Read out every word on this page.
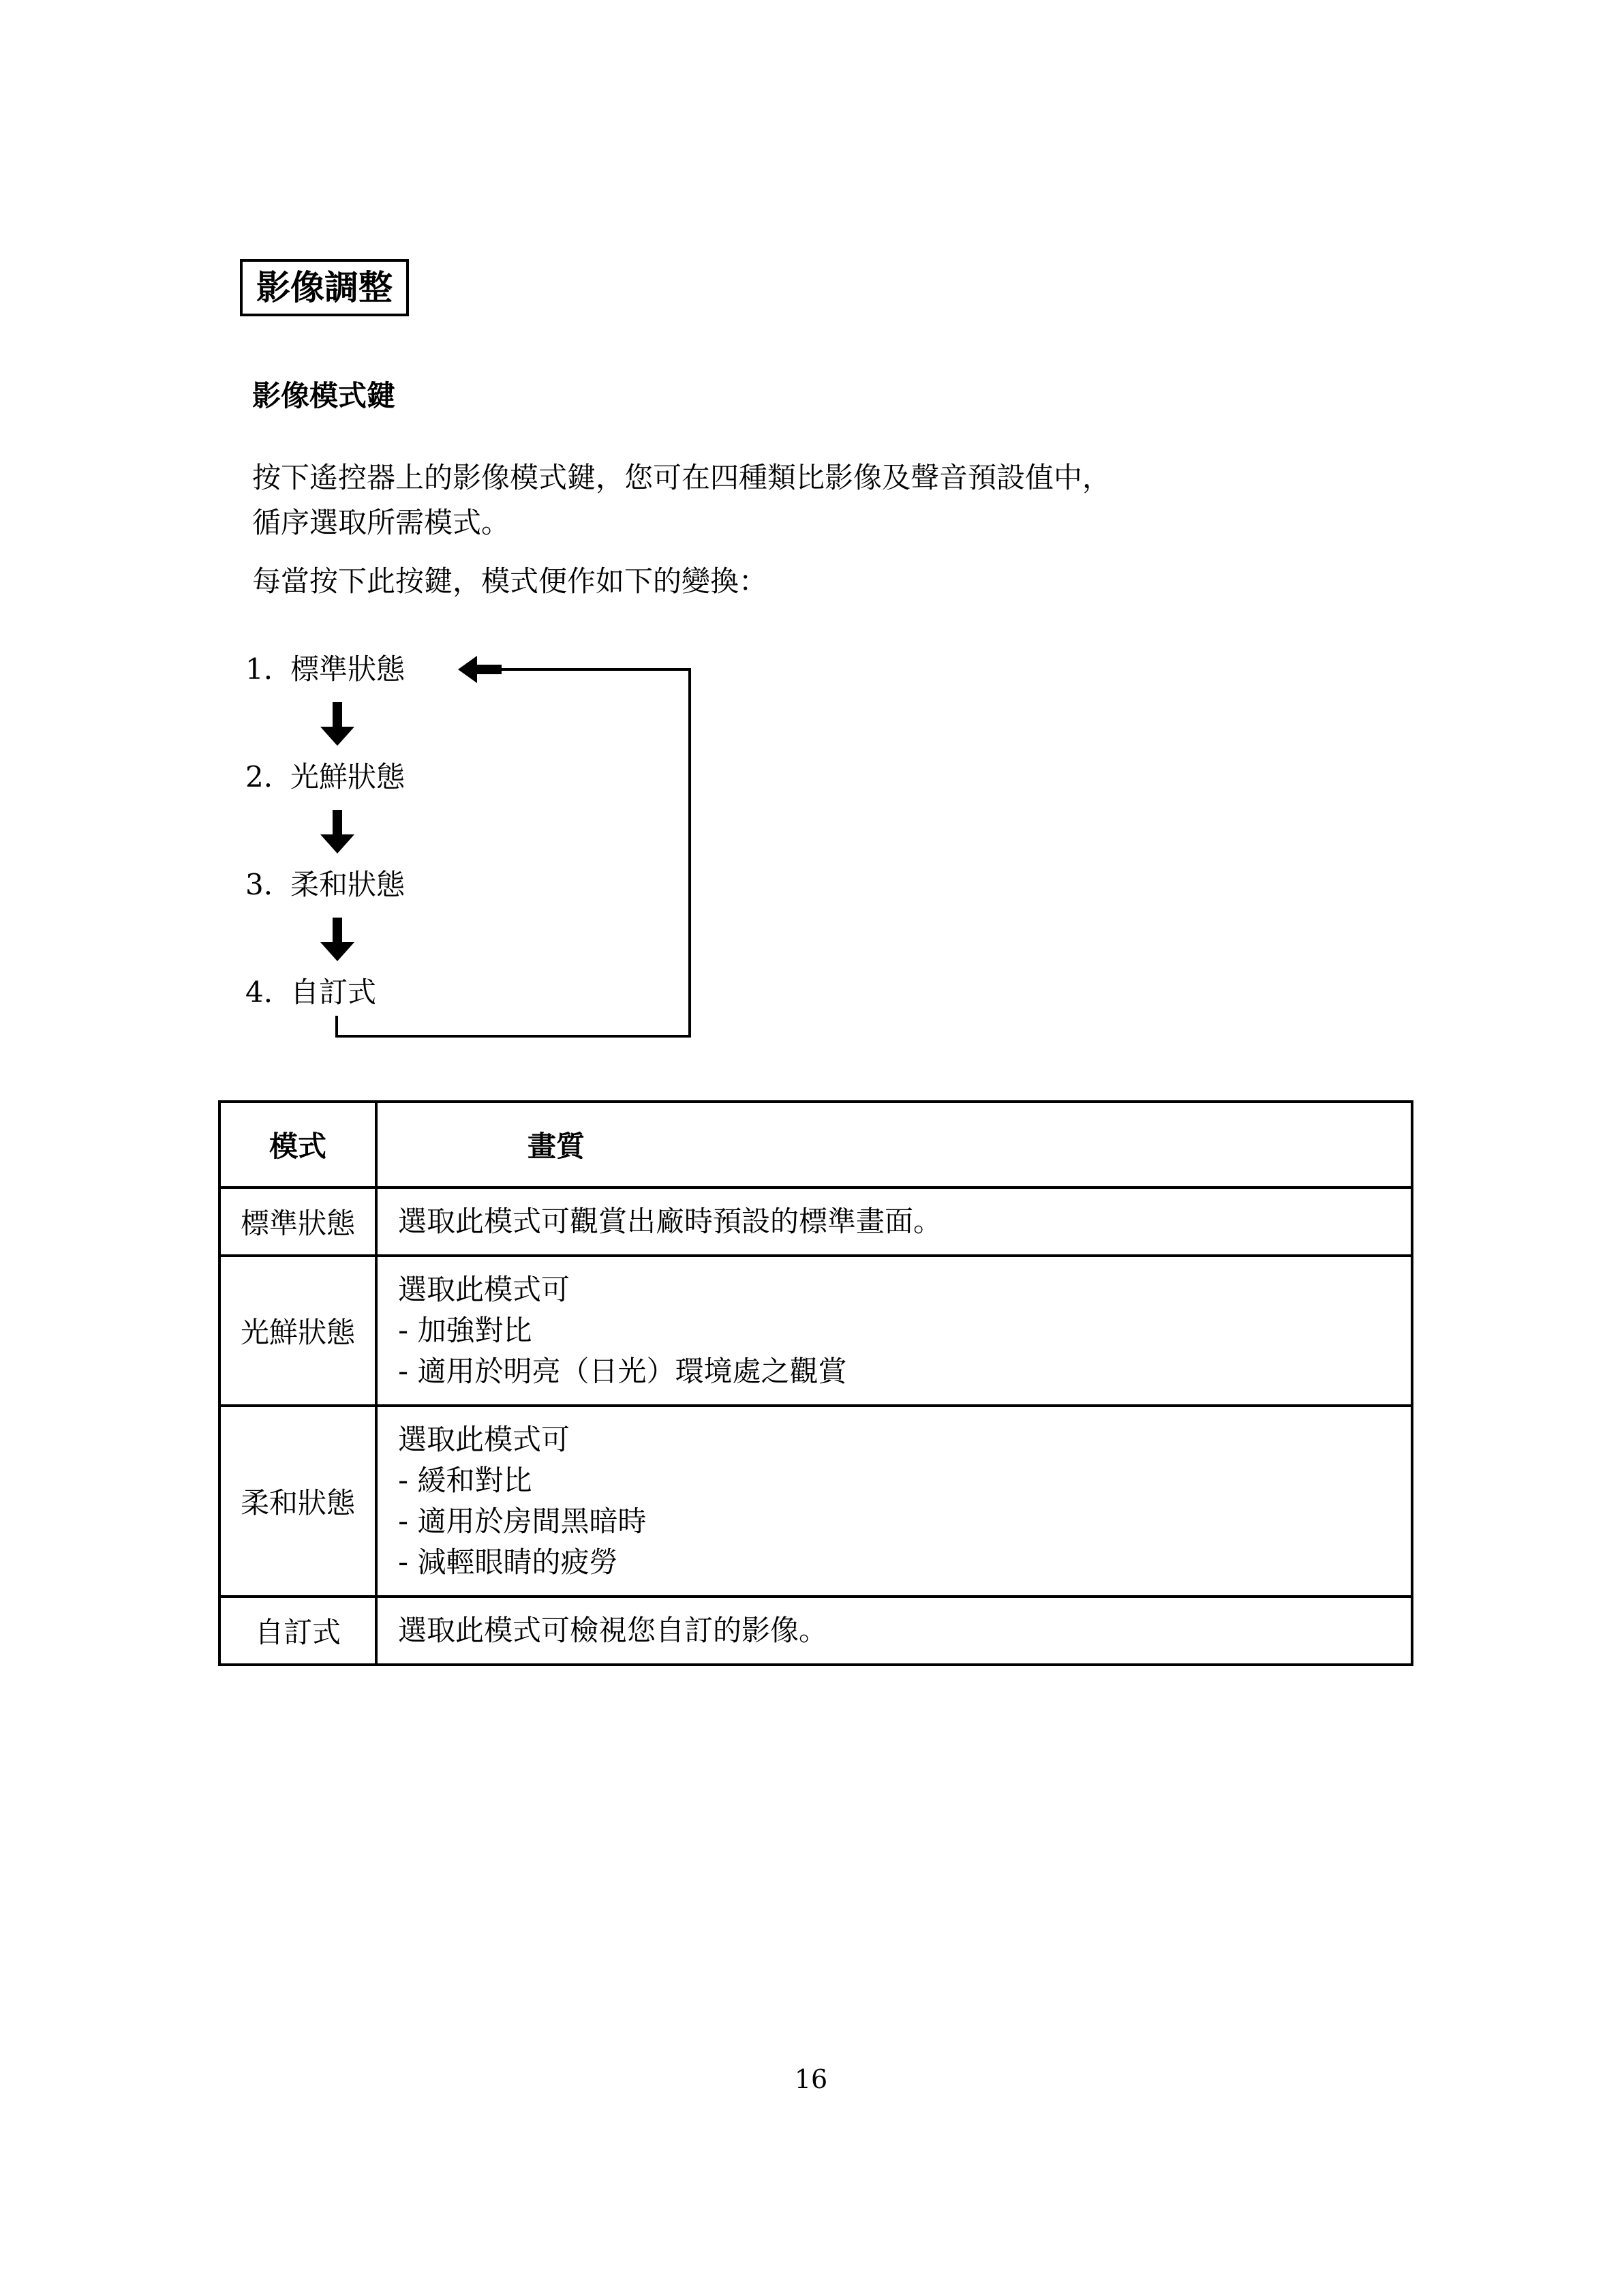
影像調整
影像模式鍵
按下遙控器上的影像模式鍵，您可在四種類比影像及聲音預設值中，
循序選取所需模式。
每當按下此按鍵，模式便作如下的變換：
1. 標準狀態
2. 光鮮狀態
3. 柔和狀態
4. 自訂式
模式	畫質
標準狀態	選取此模式可觀賞出廠時預設的標準畫面。

光鮮狀態	選取此模式可
- 加強對比
- 適用於明亮（日光）環境處之觀賞

柔和狀態	選取此模式可
- 緩和對比
- 適用於房間黑暗時
- 減輕眼睛的疲勞

自訂式	選取此模式可檢視您自訂的影像。
16
